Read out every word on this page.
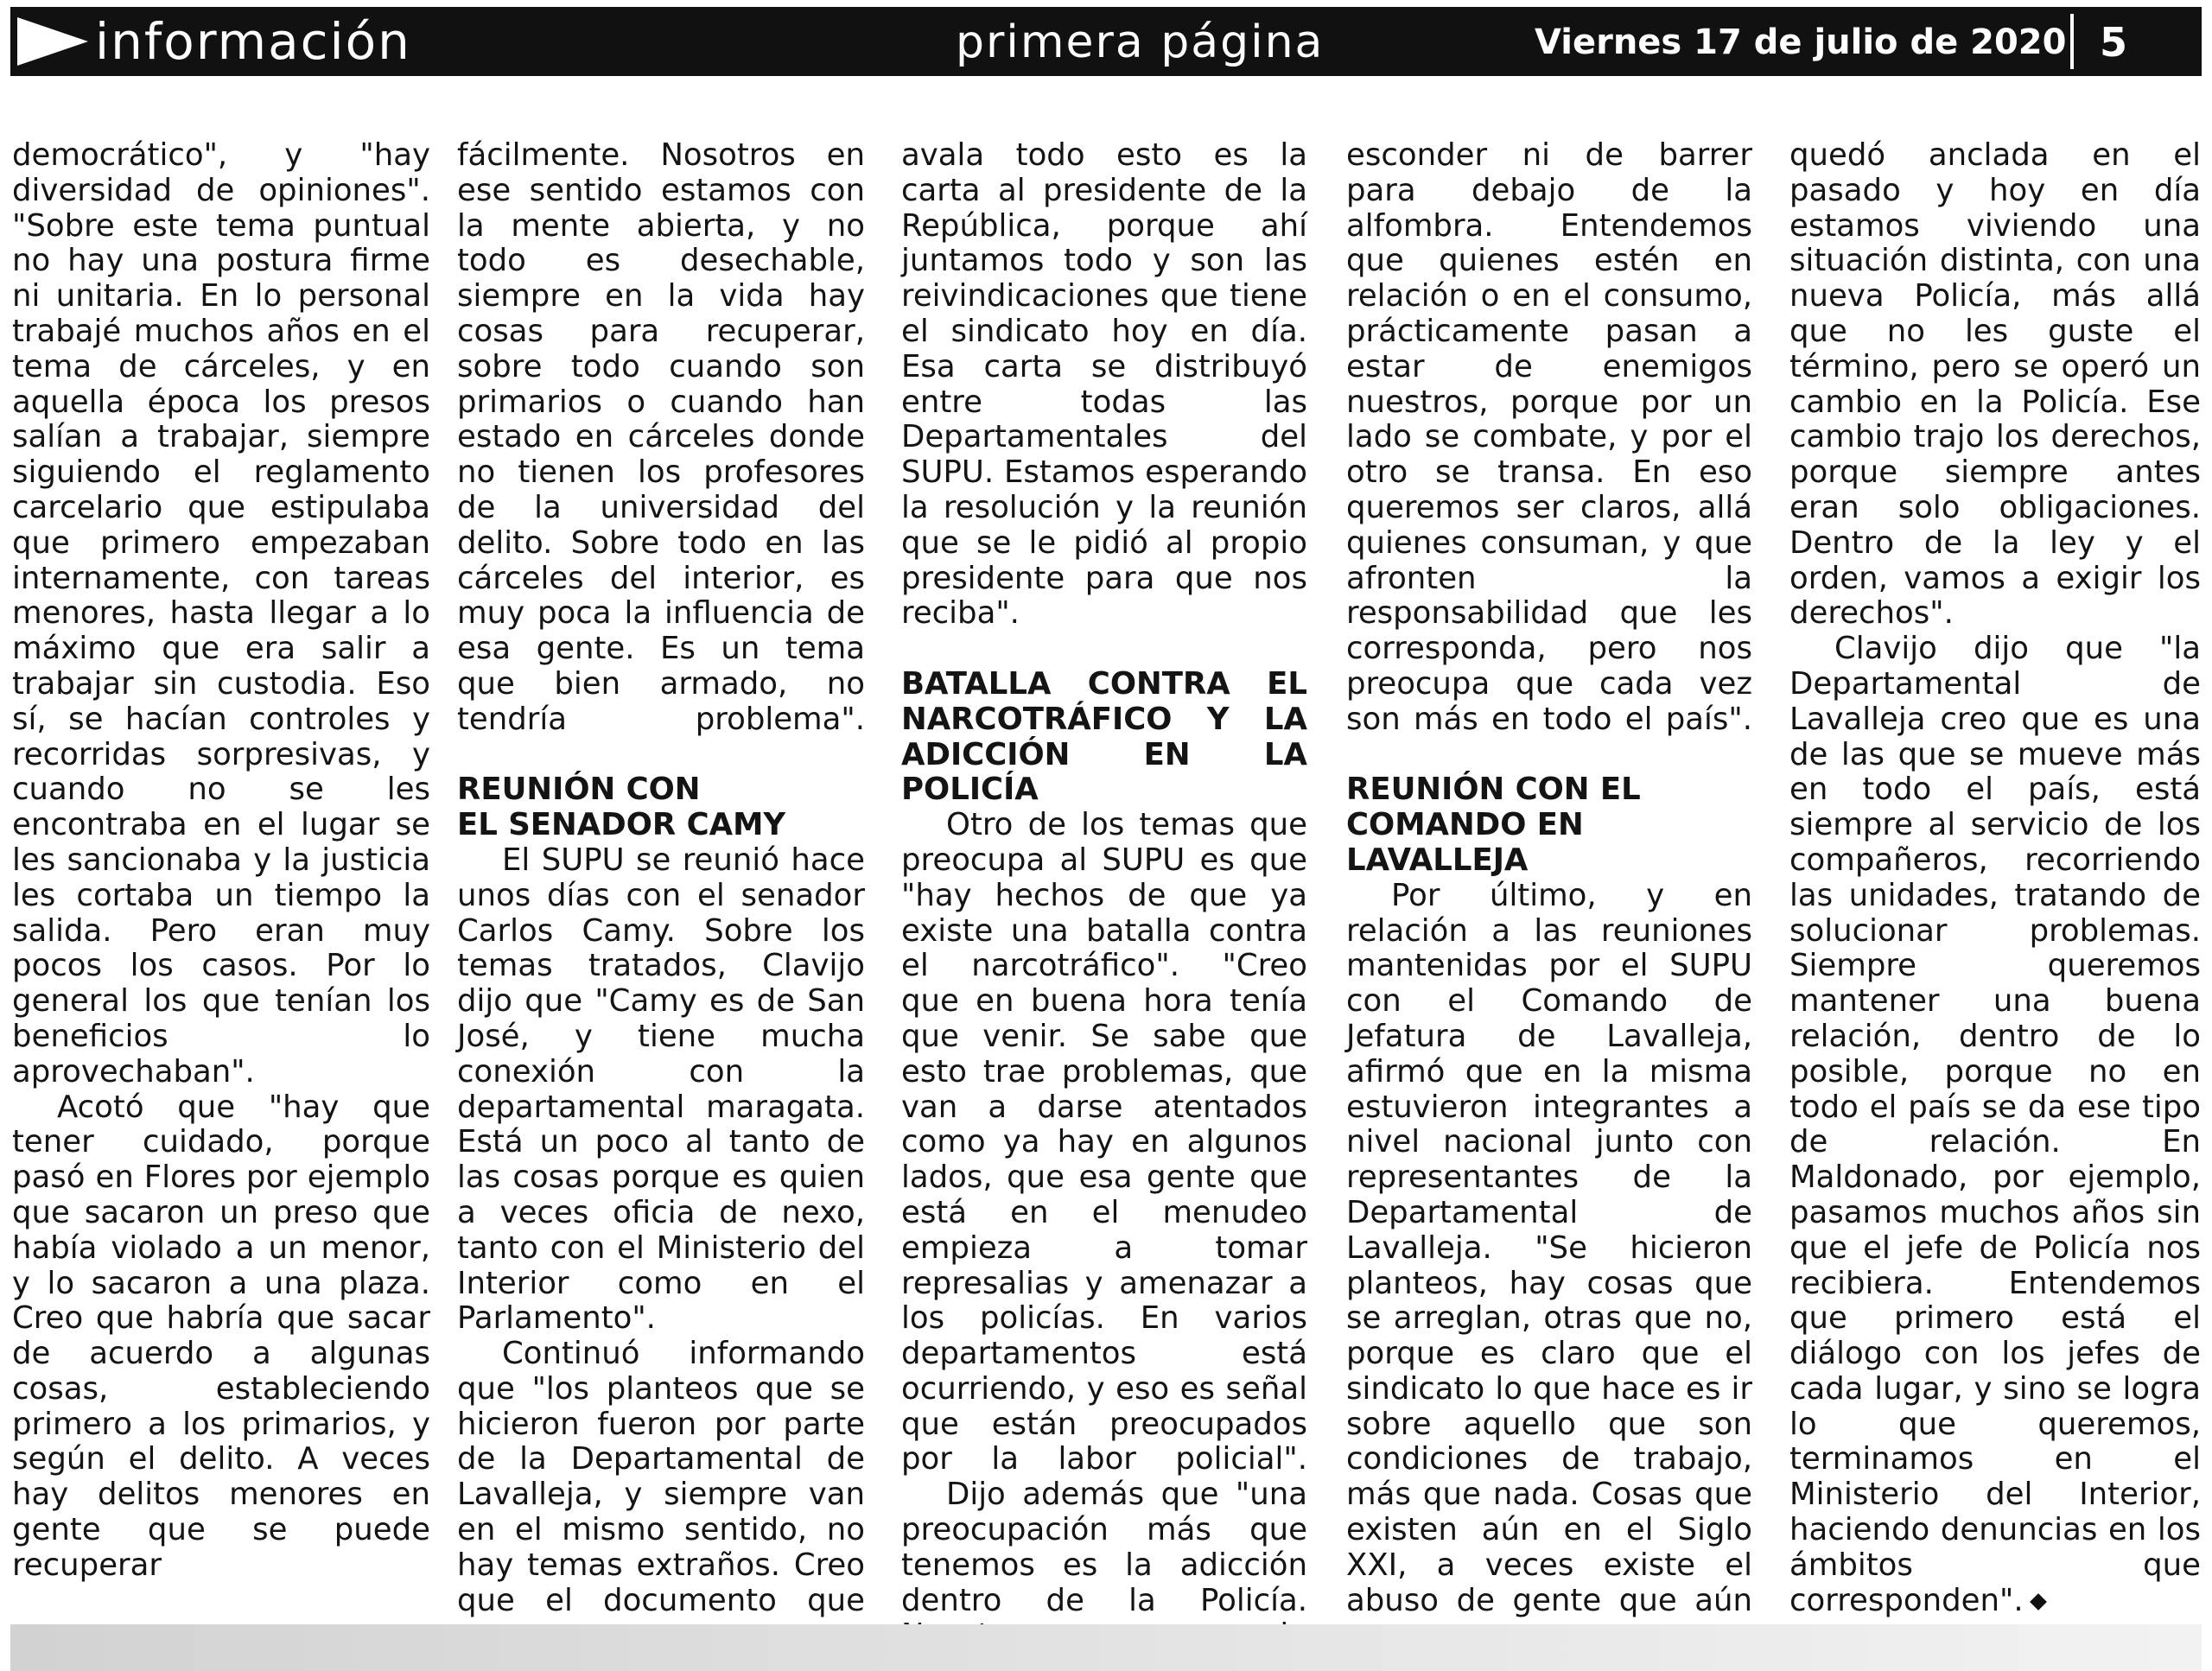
información	primera página	Viernes 17 de julio de 2020 5

democrático", y "hay diversidad de opiniones". "Sobre este tema puntual no hay una postura firme ni unitaria. En lo personal trabajé muchos años en el tema de cárceles, y en aquella época los presos salían a trabajar, siempre siguiendo el reglamento carcelario que estipulaba que primero empezaban internamente, con tareas menores, hasta llegar a lo máximo que era salir a trabajar sin custodia. Eso sí, se hacían controles y recorridas sorpresivas, y cuando no se les encontraba en el lugar se les sancionaba y la justicia les cortaba un tiempo la salida. Pero eran muy pocos los casos. Por lo general los que tenían los beneficios lo aprovechaban".

Acotó que "hay que tener cuidado, porque pasó en Flores por ejemplo que sacaron un preso que había violado a un menor, y lo sacaron a una plaza. Creo que habría que sacar de acuerdo a algunas cosas, estableciendo primero a los primarios, y según el delito. A veces hay delitos menores en gente que se puede recuperar

fácilmente. Nosotros en ese sentido estamos con la mente abierta, y no todo es desechable, siempre en la vida hay cosas para recuperar, sobre todo cuando son primarios o cuando han estado en cárceles donde no tienen los profesores de la universidad del delito. Sobre todo en las cárceles del interior, es muy poca la influencia de esa gente. Es un tema que bien armado, no tendría problema".

REUNIÓN CON
EL SENADOR CAMY

El SUPU se reunió hace unos días con el senador Carlos Camy. Sobre los temas tratados, Clavijo dijo que "Camy es de San José, y tiene mucha conexión con la departamental maragata. Está un poco al tanto de las cosas porque es quien a veces oficia de nexo, tanto con el Ministerio del Interior como en el Parlamento".

Continuó informando que "los planteos que se hicieron fueron por parte de la Departamental de Lavalleja, y siempre van en el mismo sentido, no hay temas extraños. Creo que el documento que

avala todo esto es la carta al presidente de la República, porque ahí juntamos todo y son las reivindicaciones que tiene el sindicato hoy en día. Esa carta se distribuyó entre todas las Departamentales del SUPU. Estamos esperando la resolución y la reunión que se le pidió al propio presidente para que nos reciba".

BATALLA CONTRA EL
NARCOTRÁFICO Y LA
ADICCIÓN EN LA POLICÍA

Otro de los temas que preocupa al SUPU es que "hay hechos de que ya existe una batalla contra el narcotráfico". "Creo que en buena hora tenía que venir. Se sabe que esto trae problemas, que van a darse atentados como ya hay en algunos lados, que esa gente que está en el menudeo empieza a tomar represalias y amenazar a los policías. En varios departamentos está ocurriendo, y eso es señal que están preocupados por la labor policial".

Dijo además que "una preocupación más que tenemos es la adicción dentro de la Policía.

esconder ni de barrer para debajo de la alfombra. Entendemos que quienes estén en relación o en el consumo, prácticamente pasan a estar de enemigos nuestros, porque por un lado se combate, y por el otro se transa. En eso queremos ser claros, allá quienes consuman, y que afronten la responsabilidad que les corresponda, pero nos preocupa que cada vez son más en todo el país".

REUNIÓN CON EL
COMANDO EN LAVALLEJA

Por último, y en relación a las reuniones mantenidas por el SUPU con el Comando de Jefatura de Lavalleja, afirmó que en la misma estuvieron integrantes a nivel nacional junto con representantes de la Departamental de Lavalleja. "Se hicieron planteos, hay cosas que se arreglan, otras que no, porque es claro que el sindicato lo que hace es ir sobre aquello que son condiciones de trabajo, más que nada. Cosas que existen aún en el Siglo XXI, a veces existe el abuso de gente que aún

quedó anclada en el pasado y hoy en día estamos viviendo una situación distinta, con una nueva Policía, más allá que no les guste el término, pero se operó un cambio en la Policía. Ese cambio trajo los derechos, porque siempre antes eran solo obligaciones. Dentro de la ley y el orden, vamos a exigir los derechos".

Clavijo dijo que "la Departamental de Lavalleja creo que es una de las que se mueve más en todo el país, está siempre al servicio de los compañeros, recorriendo las unidades, tratando de solucionar problemas. Siempre queremos mantener una buena relación, dentro de lo posible, porque no en todo el país se da ese tipo de relación. En Maldonado, por ejemplo, pasamos muchos años sin que el jefe de Policía nos recibiera. Entendemos que primero está el diálogo con los jefes de cada lugar, y sino se logra lo que queremos, terminamos en el Ministerio del Interior, haciendo denuncias en los ámbitos que corresponden".
